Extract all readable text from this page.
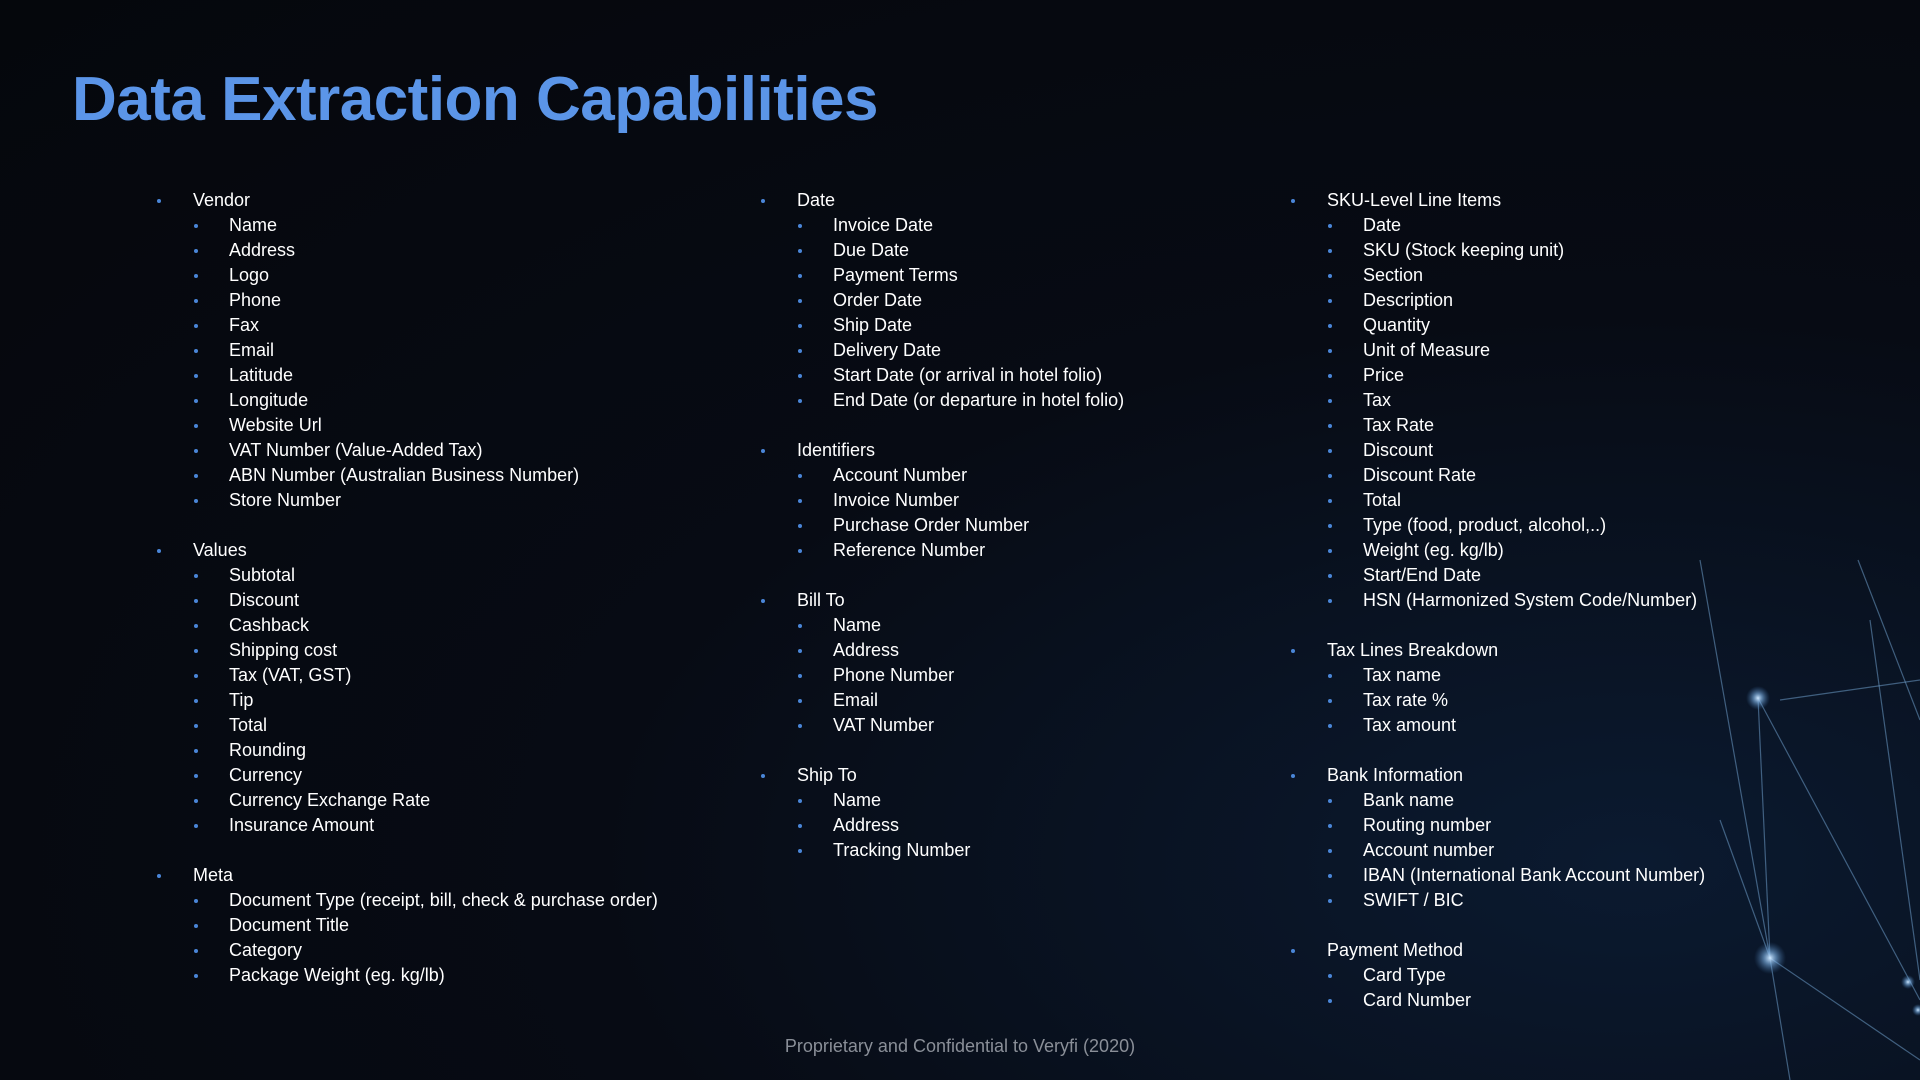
Data Extraction Capabilities
Vendor
Name
Address
Logo
Phone
Fax
Email
Latitude
Longitude
Website Url
VAT Number (Value-Added Tax)
ABN Number (Australian Business Number)
Store Number
Values
Subtotal
Discount
Cashback
Shipping cost
Tax (VAT, GST)
Tip
Total
Rounding
Currency
Currency Exchange Rate
Insurance Amount
Meta
Document Type (receipt, bill, check & purchase order)
Document Title
Category
Package Weight (eg. kg/lb)
Date
Invoice Date
Due Date
Payment Terms
Order Date
Ship Date
Delivery Date
Start Date (or arrival in hotel folio)
End Date (or departure in hotel folio)
Identifiers
Account Number
Invoice Number
Purchase Order Number
Reference Number
Bill To
Name
Address
Phone Number
Email
VAT Number
Ship To
Name
Address
Tracking Number
SKU-Level Line Items
Date
SKU (Stock keeping unit)
Section
Description
Quantity
Unit of Measure
Price
Tax
Tax Rate
Discount
Discount Rate
Total
Type (food, product, alcohol,..)
Weight (eg. kg/lb)
Start/End Date
HSN (Harmonized System Code/Number)
Tax Lines Breakdown
Tax name
Tax rate %
Tax amount
Bank Information
Bank name
Routing number
Account number
IBAN (International Bank Account Number)
SWIFT / BIC
Payment Method
Card Type
Card Number
Proprietary and Confidential to Veryfi (2020)
